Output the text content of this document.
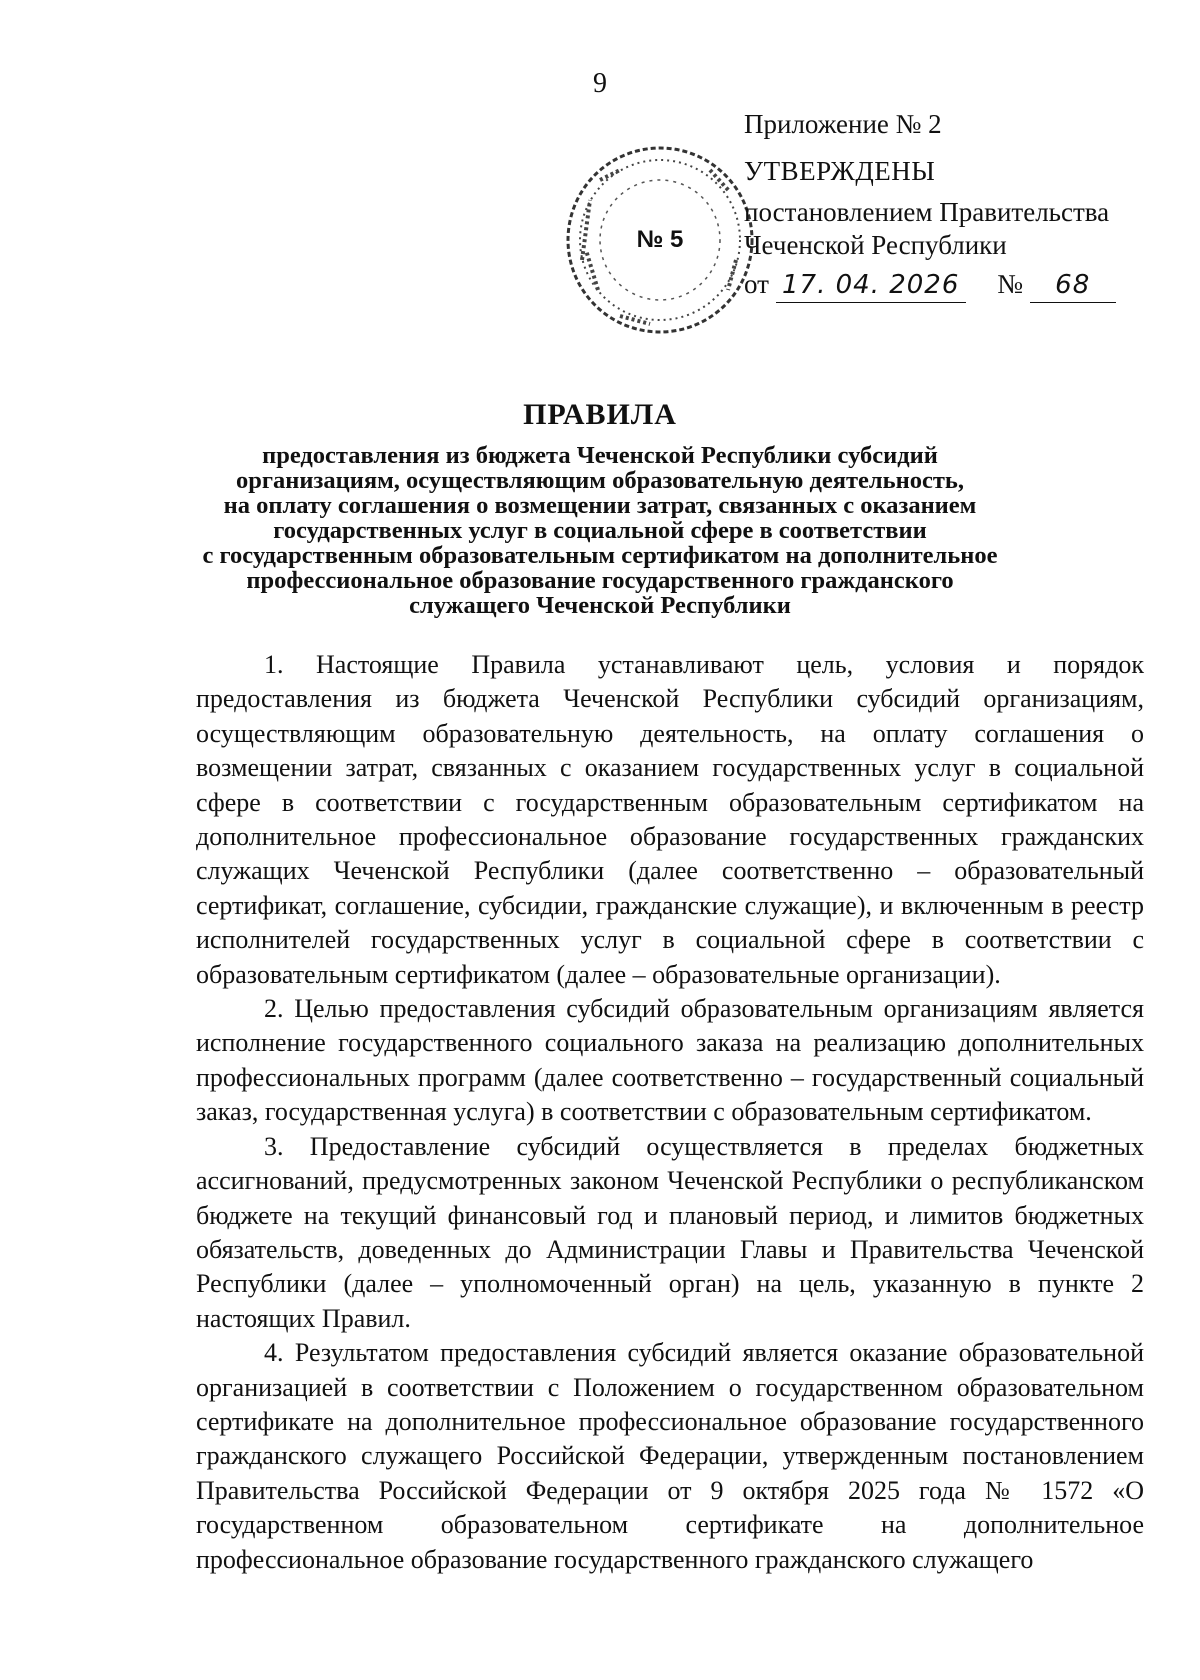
9
№ 5
Приложение № 2
УТВЕРЖДЕНЫ
постановлением Правительства
Чеченской Республики
от 17. 04. 2026 № 68
ПРАВИЛА
предоставления из бюджета Чеченской Республики субсидий
организациям, осуществляющим образовательную деятельность,
на оплату соглашения о возмещении затрат, связанных с оказанием
государственных услуг в социальной сфере в соответствии
с государственным образовательным сертификатом на дополнительное
профессиональное образование государственного гражданского
служащего Чеченской Республики

1. Настоящие Правила устанавливают цель, условия и порядок предоставления из бюджета Чеченской Республики субсидий организациям, осуществляющим образовательную деятельность, на оплату соглашения о возмещении затрат, связанных с оказанием государственных услуг в социальной сфере в соответствии с государственным образовательным сертификатом на дополнительное профессиональное образование государственных гражданских служащих Чеченской Республики (далее соответственно – образовательный сертификат, соглашение, субсидии, гражданские служащие), и включенным в реестр исполнителей государственных услуг в социальной сфере в соответствии с образовательным сертификатом (далее – образовательные организации).

2. Целью предоставления субсидий образовательным организациям является исполнение государственного социального заказа на реализацию дополнительных профессиональных программ (далее соответственно – государственный социальный заказ, государственная услуга) в соответствии с образовательным сертификатом.

3. Предоставление субсидий осуществляется в пределах бюджетных ассигнований, предусмотренных законом Чеченской Республики о республиканском бюджете на текущий финансовый год и плановый период, и лимитов бюджетных обязательств, доведенных до Администрации Главы и Правительства Чеченской Республики (далее – уполномоченный орган) на цель, указанную в пункте 2 настоящих Правил.

4. Результатом предоставления субсидий является оказание образовательной организацией в соответствии с Положением о государственном образовательном сертификате на дополнительное профессиональное образование государственного гражданского служащего Российской Федерации, утвержденным постановлением Правительства Российской Федерации от 9 октября 2025 года № 1572 «О государственном образовательном сертификате на дополнительное профессиональное образование государственного гражданского служащего
